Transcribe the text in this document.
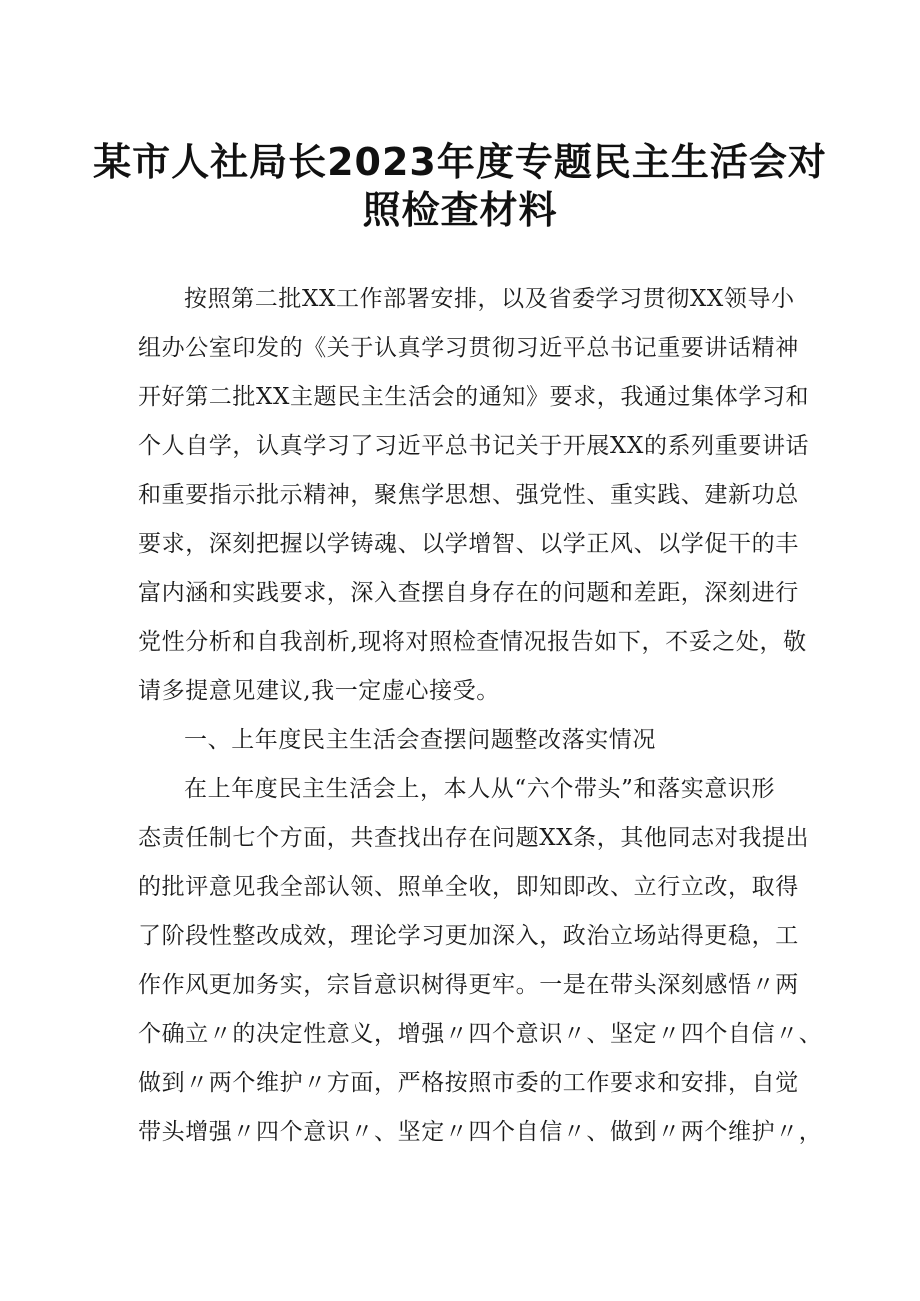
某市人社局长2023年度专题民主生活会对
照检查材料
按照第二批XX工作部署安排，以及省委学习贯彻XX领导小
组办公室印发的《关于认真学习贯彻习近平总书记重要讲话精神
开好第二批XX主题民主生活会的通知》要求，我通过集体学习和
个人自学，认真学习了习近平总书记关于开展XX的系列重要讲话
和重要指示批示精神，聚焦学思想、强党性、重实践、建新功总
要求，深刻把握以学铸魂、以学增智、以学正风、以学促干的丰
富内涵和实践要求，深入查摆自身存在的问题和差距，深刻进行
党性分析和自我剖析,现将对照检查情况报告如下，不妥之处，敬
请多提意见建议,我一定虚心接受。
一、上年度民主生活会查摆问题整改落实情况
在上年度民主生活会上，本人从“六个带头”和落实意识形
态责任制七个方面，共查找出存在问题XX条，其他同志对我提出
的批评意见我全部认领、照单全收，即知即改、立行立改，取得
了阶段性整改成效，理论学习更加深入，政治立场站得更稳，工
作作风更加务实，宗旨意识树得更牢。一是在带头深刻感悟〃两
个确立〃的决定性意义，增强〃四个意识〃、坚定〃四个自信〃、
做到〃两个维护〃方面，严格按照市委的工作要求和安排，自觉
带头增强〃四个意识〃、坚定〃四个自信〃、做到〃两个维护〃，
